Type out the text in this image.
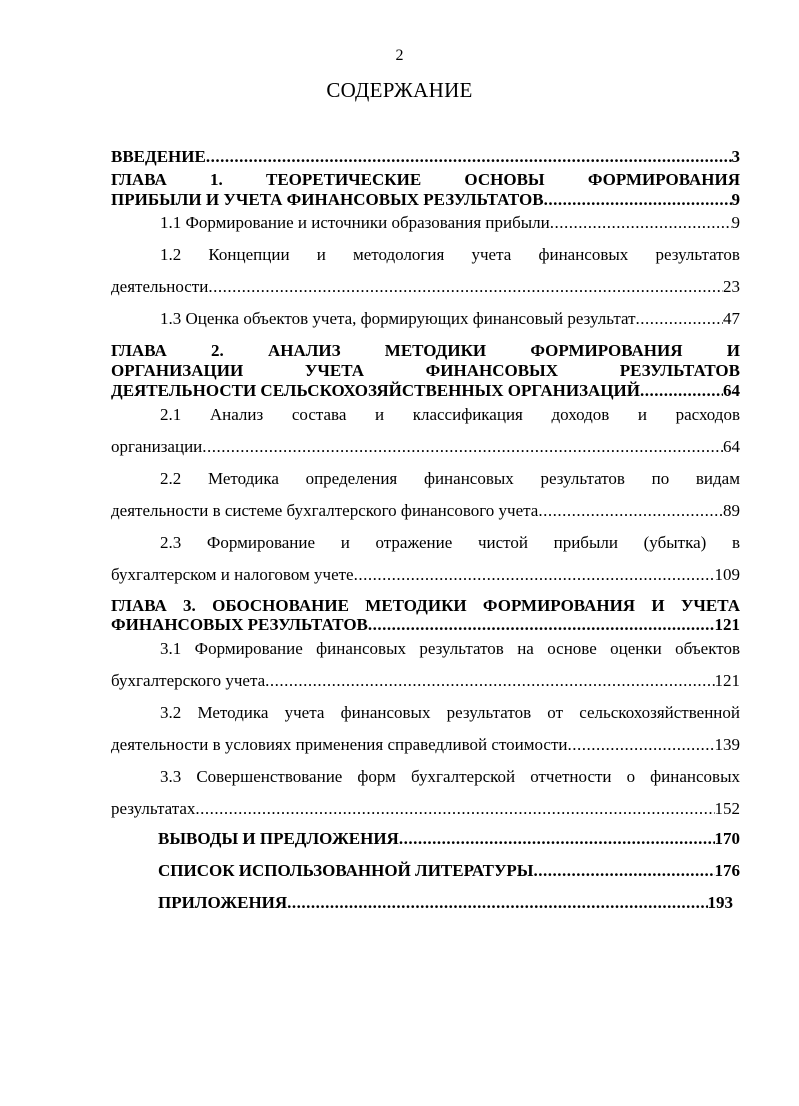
2
СОДЕРЖАНИЕ
ВВЕДЕНИЕ .....	3
ГЛАВА	1.	ТЕОРЕТИЧЕСКИЕ	ОСНОВЫ	ФОРМИРОВАНИЯ
ПРИБЫЛИ И УЧЕТА ФИНАНСОВЫХ РЕЗУЛЬТАТОВ .....	9
1.1 Формирование и источники образования прибыли .....	9
1.2 Концепции и методология учета финансовых результатов
деятельности .....	23
1.3 Оценка объектов учета, формирующих финансовый результат .....	47
ГЛАВА	2.	АНАЛИЗ	МЕТОДИКИ	ФОРМИРОВАНИЯ	И
ОРГАНИЗАЦИИ	УЧЕТА	ФИНАНСОВЫХ	РЕЗУЛЬТАТОВ
ДЕЯТЕЛЬНОСТИ СЕЛЬСКОХОЗЯЙСТВЕННЫХ ОРГАНИЗАЦИЙ .....	64
2.1 Анализ состава и классификация доходов и расходов
организации .....	64
2.2 Методика определения финансовых результатов по видам
деятельности в системе бухгалтерского финансового учета .....	89
2.3 Формирование и отражение чистой прибыли (убытка) в
бухгалтерском и налоговом учете .....	109
ГЛАВА 3. ОБОСНОВАНИЕ МЕТОДИКИ ФОРМИРОВАНИЯ И УЧЕТА
ФИНАНСОВЫХ РЕЗУЛЬТАТОВ .....	121
3.1 Формирование финансовых результатов на основе оценки объектов
бухгалтерского учета .....	121
3.2 Методика учета финансовых результатов от сельскохозяйственной
деятельности в условиях применения справедливой стоимости .....	139
3.3 Совершенствование форм бухгалтерской отчетности о финансовых
результатах .....	152
ВЫВОДЫ И ПРЕДЛОЖЕНИЯ .....	170
СПИСОК ИСПОЛЬЗОВАННОЙ ЛИТЕРАТУРЫ .....	176
ПРИЛОЖЕНИЯ .....	193
